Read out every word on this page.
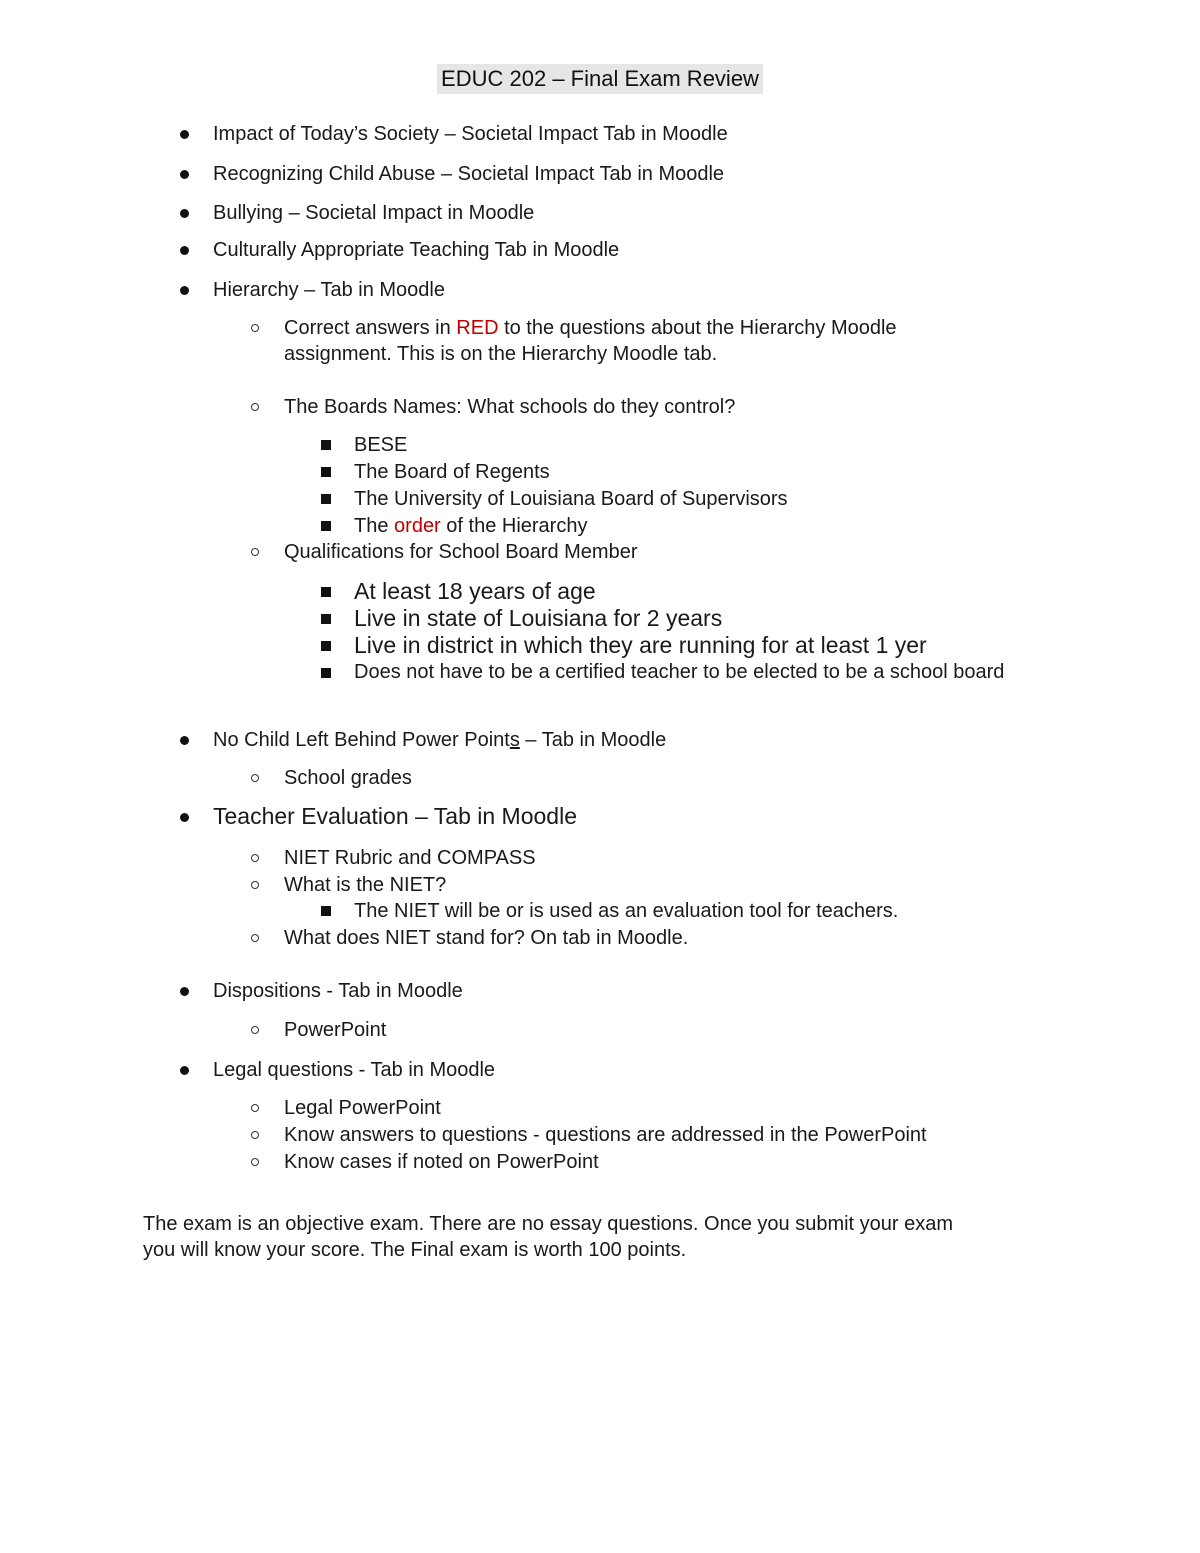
EDUC 202 – Final Exam Review
Impact of Today’s Society – Societal Impact Tab in Moodle
Recognizing Child Abuse – Societal Impact Tab in Moodle
Bullying – Societal Impact in Moodle
Culturally Appropriate Teaching Tab in Moodle
Hierarchy – Tab in Moodle
Correct answers in RED to the questions about the Hierarchy Moodle
assignment. This is on the Hierarchy Moodle tab.
The Boards Names: What schools do they control?
BESE
The Board of Regents
The University of Louisiana Board of Supervisors
The order of the Hierarchy
Qualifications for School Board Member
At least 18 years of age
Live in state of Louisiana for 2 years
Live in district in which they are running for at least 1 yer
Does not have to be a certified teacher to be elected to be a school board
No Child Left Behind Power Points – Tab in Moodle
School grades
Teacher Evaluation – Tab in Moodle
NIET Rubric and COMPASS
What is the NIET?
The NIET will be or is used as an evaluation tool for teachers.
What does NIET stand for? On tab in Moodle.
Dispositions - Tab in Moodle
PowerPoint
Legal questions - Tab in Moodle
Legal PowerPoint
Know answers to questions - questions are addressed in the PowerPoint
Know cases if noted on PowerPoint

The exam is an objective exam. There are no essay questions. Once you submit your exam

you will know your score. The Final exam is worth 100 points.
